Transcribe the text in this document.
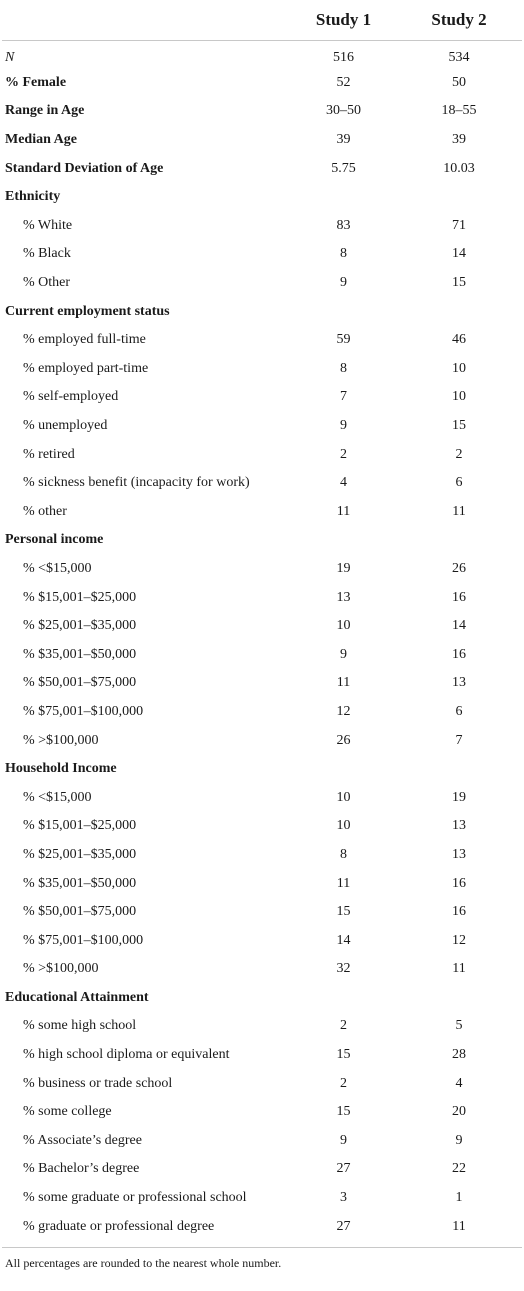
	Study 1	Study 2
N	516	534
% Female	52	50
Range in Age	30–50	18–55
Median Age	39	39
Standard Deviation of Age	5.75	10.03
Ethnicity		
% White	83	71
% Black	8	14
% Other	9	15
Current employment status		
% employed full-time	59	46
% employed part-time	8	10
% self-employed	7	10
% unemployed	9	15
% retired	2	2
% sickness benefit (incapacity for work)	4	6
% other	11	11
Personal income		
% <$15,000	19	26
% $15,001–$25,000	13	16
% $25,001–$35,000	10	14
% $35,001–$50,000	9	16
% $50,001–$75,000	11	13
% $75,001–$100,000	12	6
% >$100,000	26	7
Household Income		
% <$15,000	10	19
% $15,001–$25,000	10	13
% $25,001–$35,000	8	13
% $35,001–$50,000	11	16
% $50,001–$75,000	15	16
% $75,001–$100,000	14	12
% >$100,000	32	11
Educational Attainment		
% some high school	2	5
% high school diploma or equivalent	15	28
% business or trade school	2	4
% some college	15	20
% Associate’s degree	9	9
% Bachelor’s degree	27	22
% some graduate or professional school	3	1
% graduate or professional degree	27	11
All percentages are rounded to the nearest whole number.
